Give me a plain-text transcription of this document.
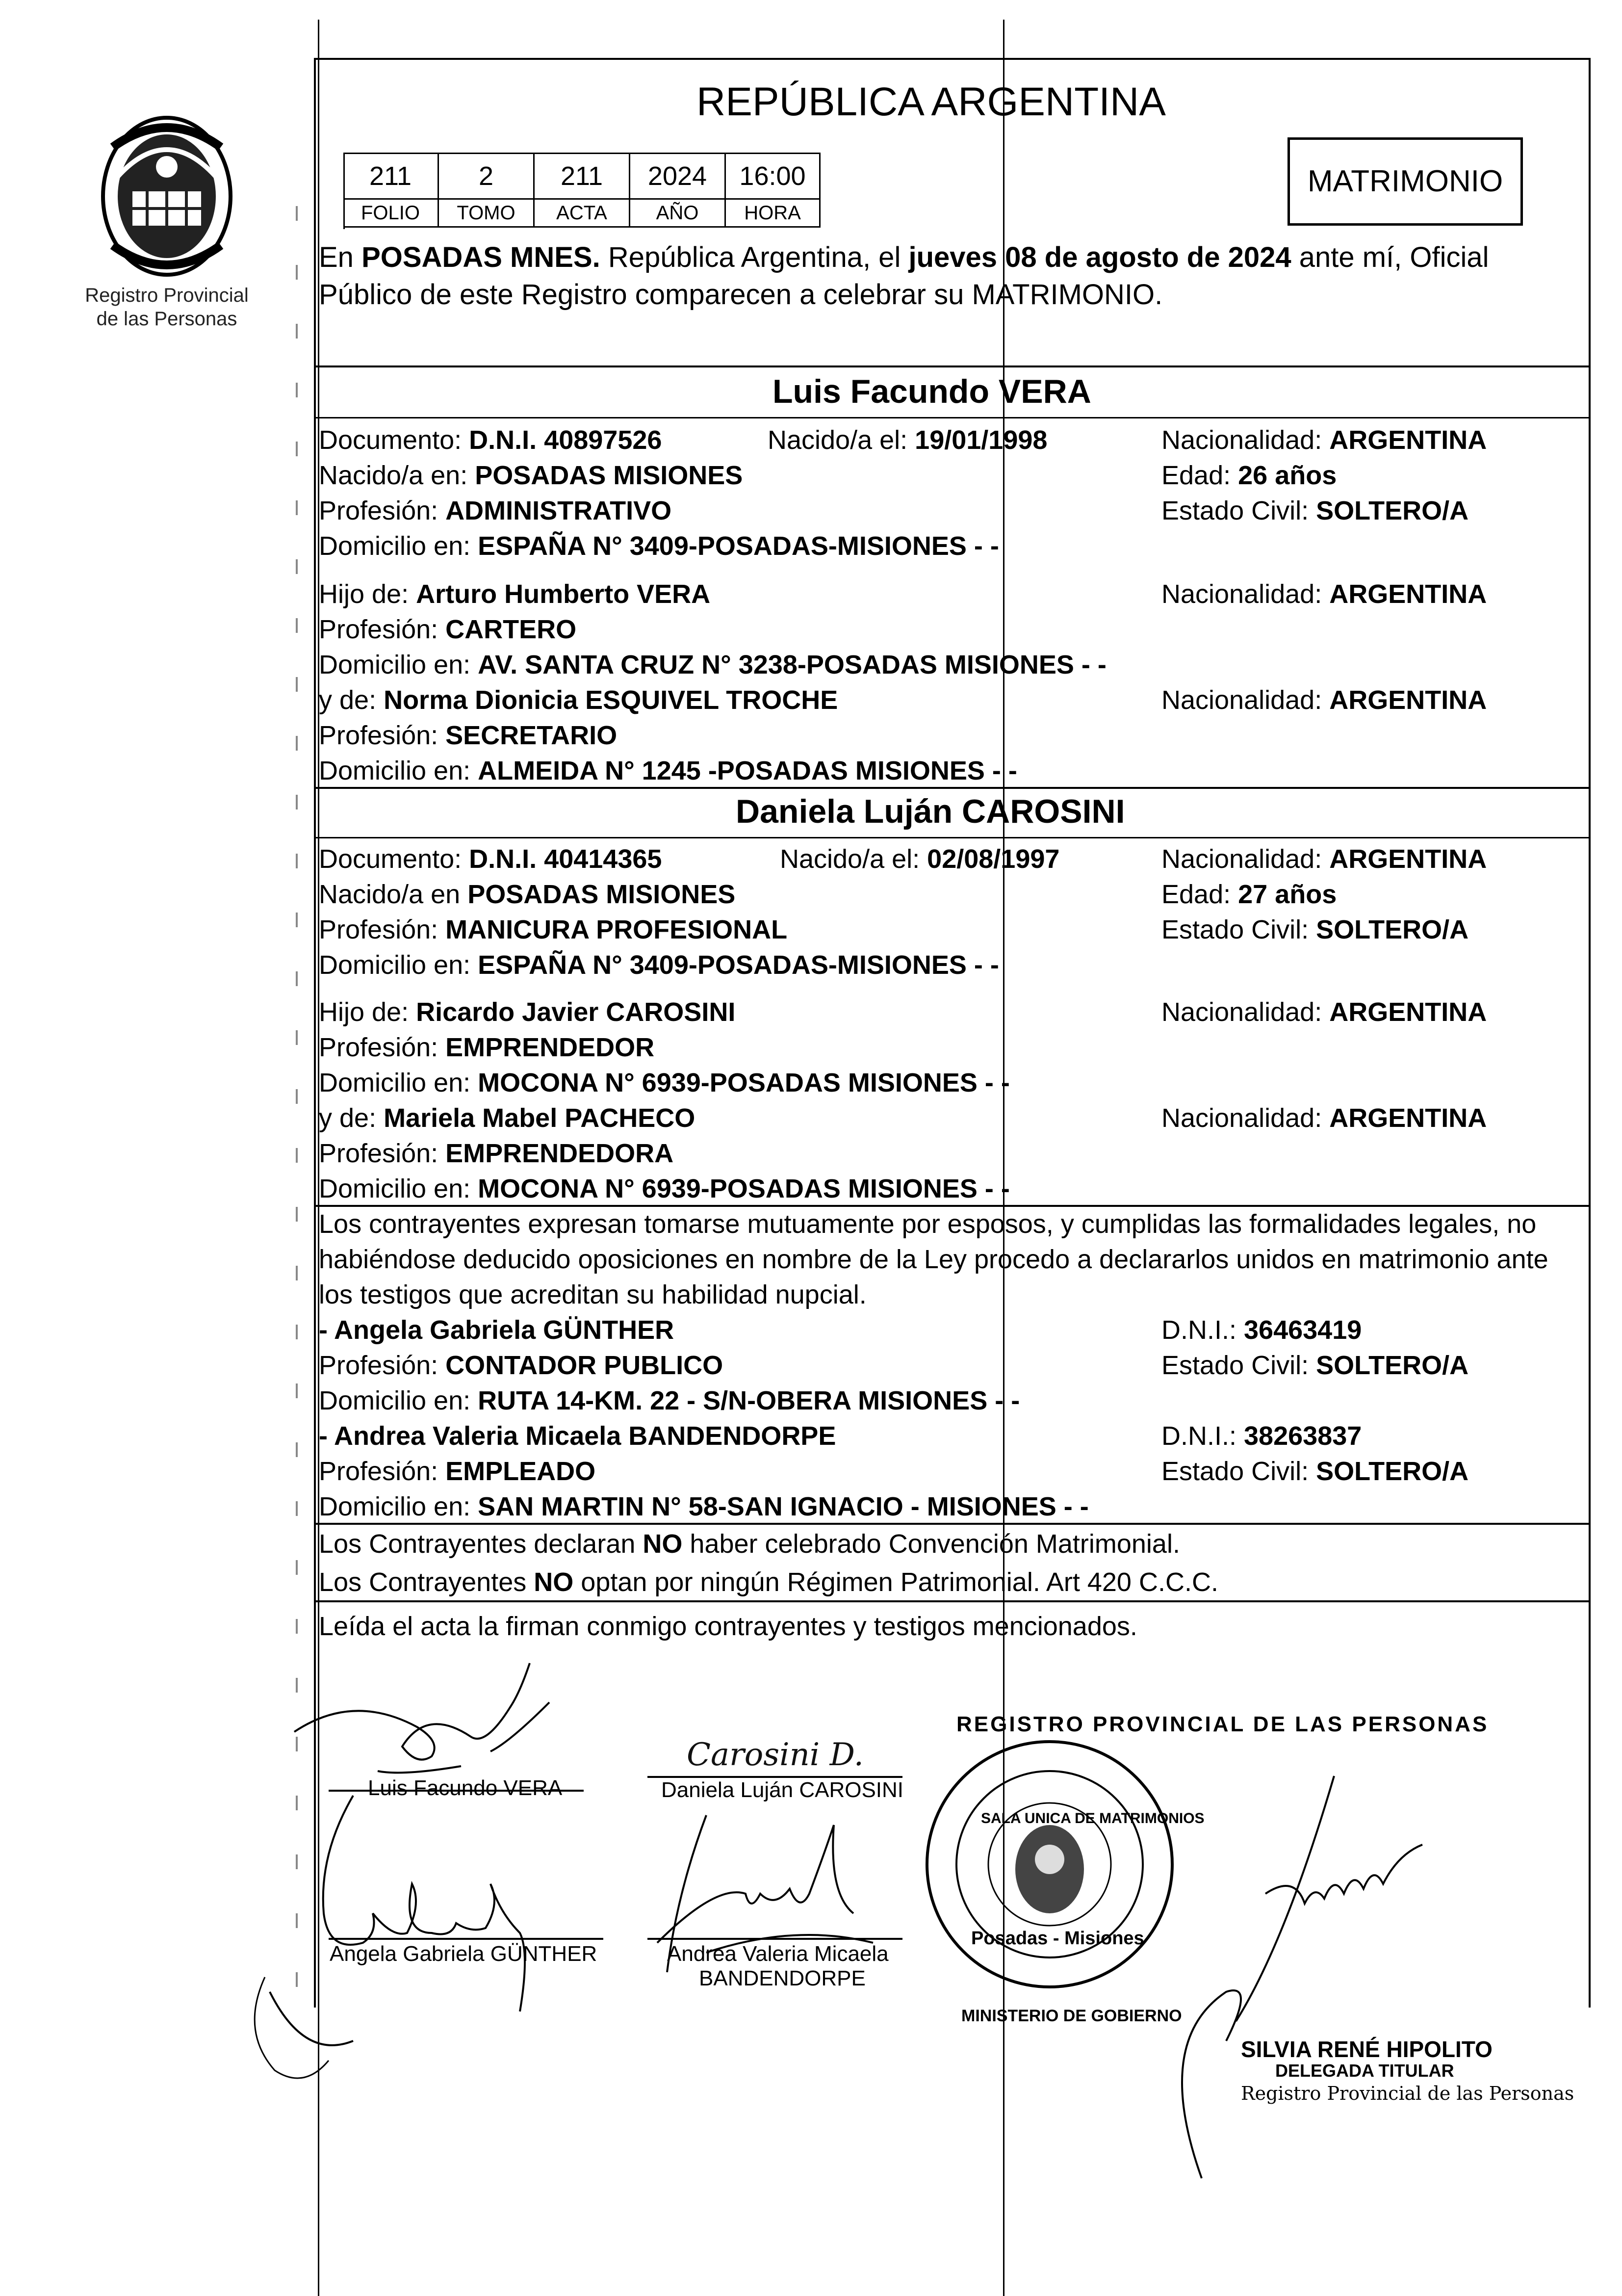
Registro Provincial
de las Personas
REPÚBLICA ARGENTINA
MATRIMONIO
211	2	211	2024	16:00
FOLIO	TOMO	ACTA	AÑO	HORA
En POSADAS MNES. República Argentina, el jueves 08 de agosto de 2024 ante mí, Oficial
Público de este Registro comparecen a celebrar su MATRIMONIO.
Luis Facundo VERA
Documento: D.N.I. 40897526	Nacido/a el: 19/01/1998	Nacionalidad: ARGENTINA
Nacido/a en: POSADAS MISIONES	Edad: 26 años
Profesión: ADMINISTRATIVO	Estado Civil: SOLTERO/A
Domicilio en: ESPAÑA N° 3409-POSADAS-MISIONES - -
Hijo de: Arturo Humberto VERA	Nacionalidad: ARGENTINA
Profesión: CARTERO
Domicilio en: AV. SANTA CRUZ N° 3238-POSADAS MISIONES - -
y de: Norma Dionicia ESQUIVEL TROCHE	Nacionalidad: ARGENTINA
Profesión: SECRETARIO
Domicilio en: ALMEIDA N° 1245 -POSADAS MISIONES - -
Daniela Luján CAROSINI
Documento: D.N.I. 40414365	Nacido/a el: 02/08/1997	Nacionalidad: ARGENTINA
Nacido/a en POSADAS MISIONES	Edad: 27 años
Profesión: MANICURA PROFESIONAL	Estado Civil: SOLTERO/A
Domicilio en: ESPAÑA N° 3409-POSADAS-MISIONES - -
Hijo de: Ricardo Javier CAROSINI	Nacionalidad: ARGENTINA
Profesión: EMPRENDEDOR
Domicilio en: MOCONA N° 6939-POSADAS MISIONES - -
y de: Mariela Mabel PACHECO	Nacionalidad: ARGENTINA
Profesión: EMPRENDEDORA
Domicilio en: MOCONA N° 6939-POSADAS MISIONES - -
Los contrayentes expresan tomarse mutuamente por esposos, y cumplidas las formalidades legales, no
habiéndose deducido oposiciones en nombre de la Ley procedo a declararlos unidos en matrimonio ante
los testigos que acreditan su habilidad nupcial.
- Angela Gabriela GÜNTHER	D.N.I.: 36463419
Profesión: CONTADOR PUBLICO	Estado Civil: SOLTERO/A
Domicilio en: RUTA 14-KM. 22 - S/N-OBERA MISIONES - -
- Andrea Valeria Micaela BANDENDORPE	D.N.I.: 38263837
Profesión: EMPLEADO	Estado Civil: SOLTERO/A
Domicilio en: SAN MARTIN N° 58-SAN IGNACIO - MISIONES - -
Los Contrayentes declaran NO haber celebrado Convención Matrimonial.
Los Contrayentes NO optan por ningún Régimen Patrimonial. Art 420 C.C.C.
Leída el acta la firman conmigo contrayentes y testigos mencionados.
Luis Facundo VERA
Carosini D.
Daniela Luján CAROSINI
Angela Gabriela GÜNTHER	Andrea Valeria Micaela
BANDENDORPE
REGISTRO PROVINCIAL DE LAS PERSONAS
SALA UNICA DE MATRIMONIOS
Posadas - Misiones
MINISTERIO DE GOBIERNO
SILVIA RENÉ HIPOLITO
DELEGADA TITULAR
Registro Provincial de las Personas
